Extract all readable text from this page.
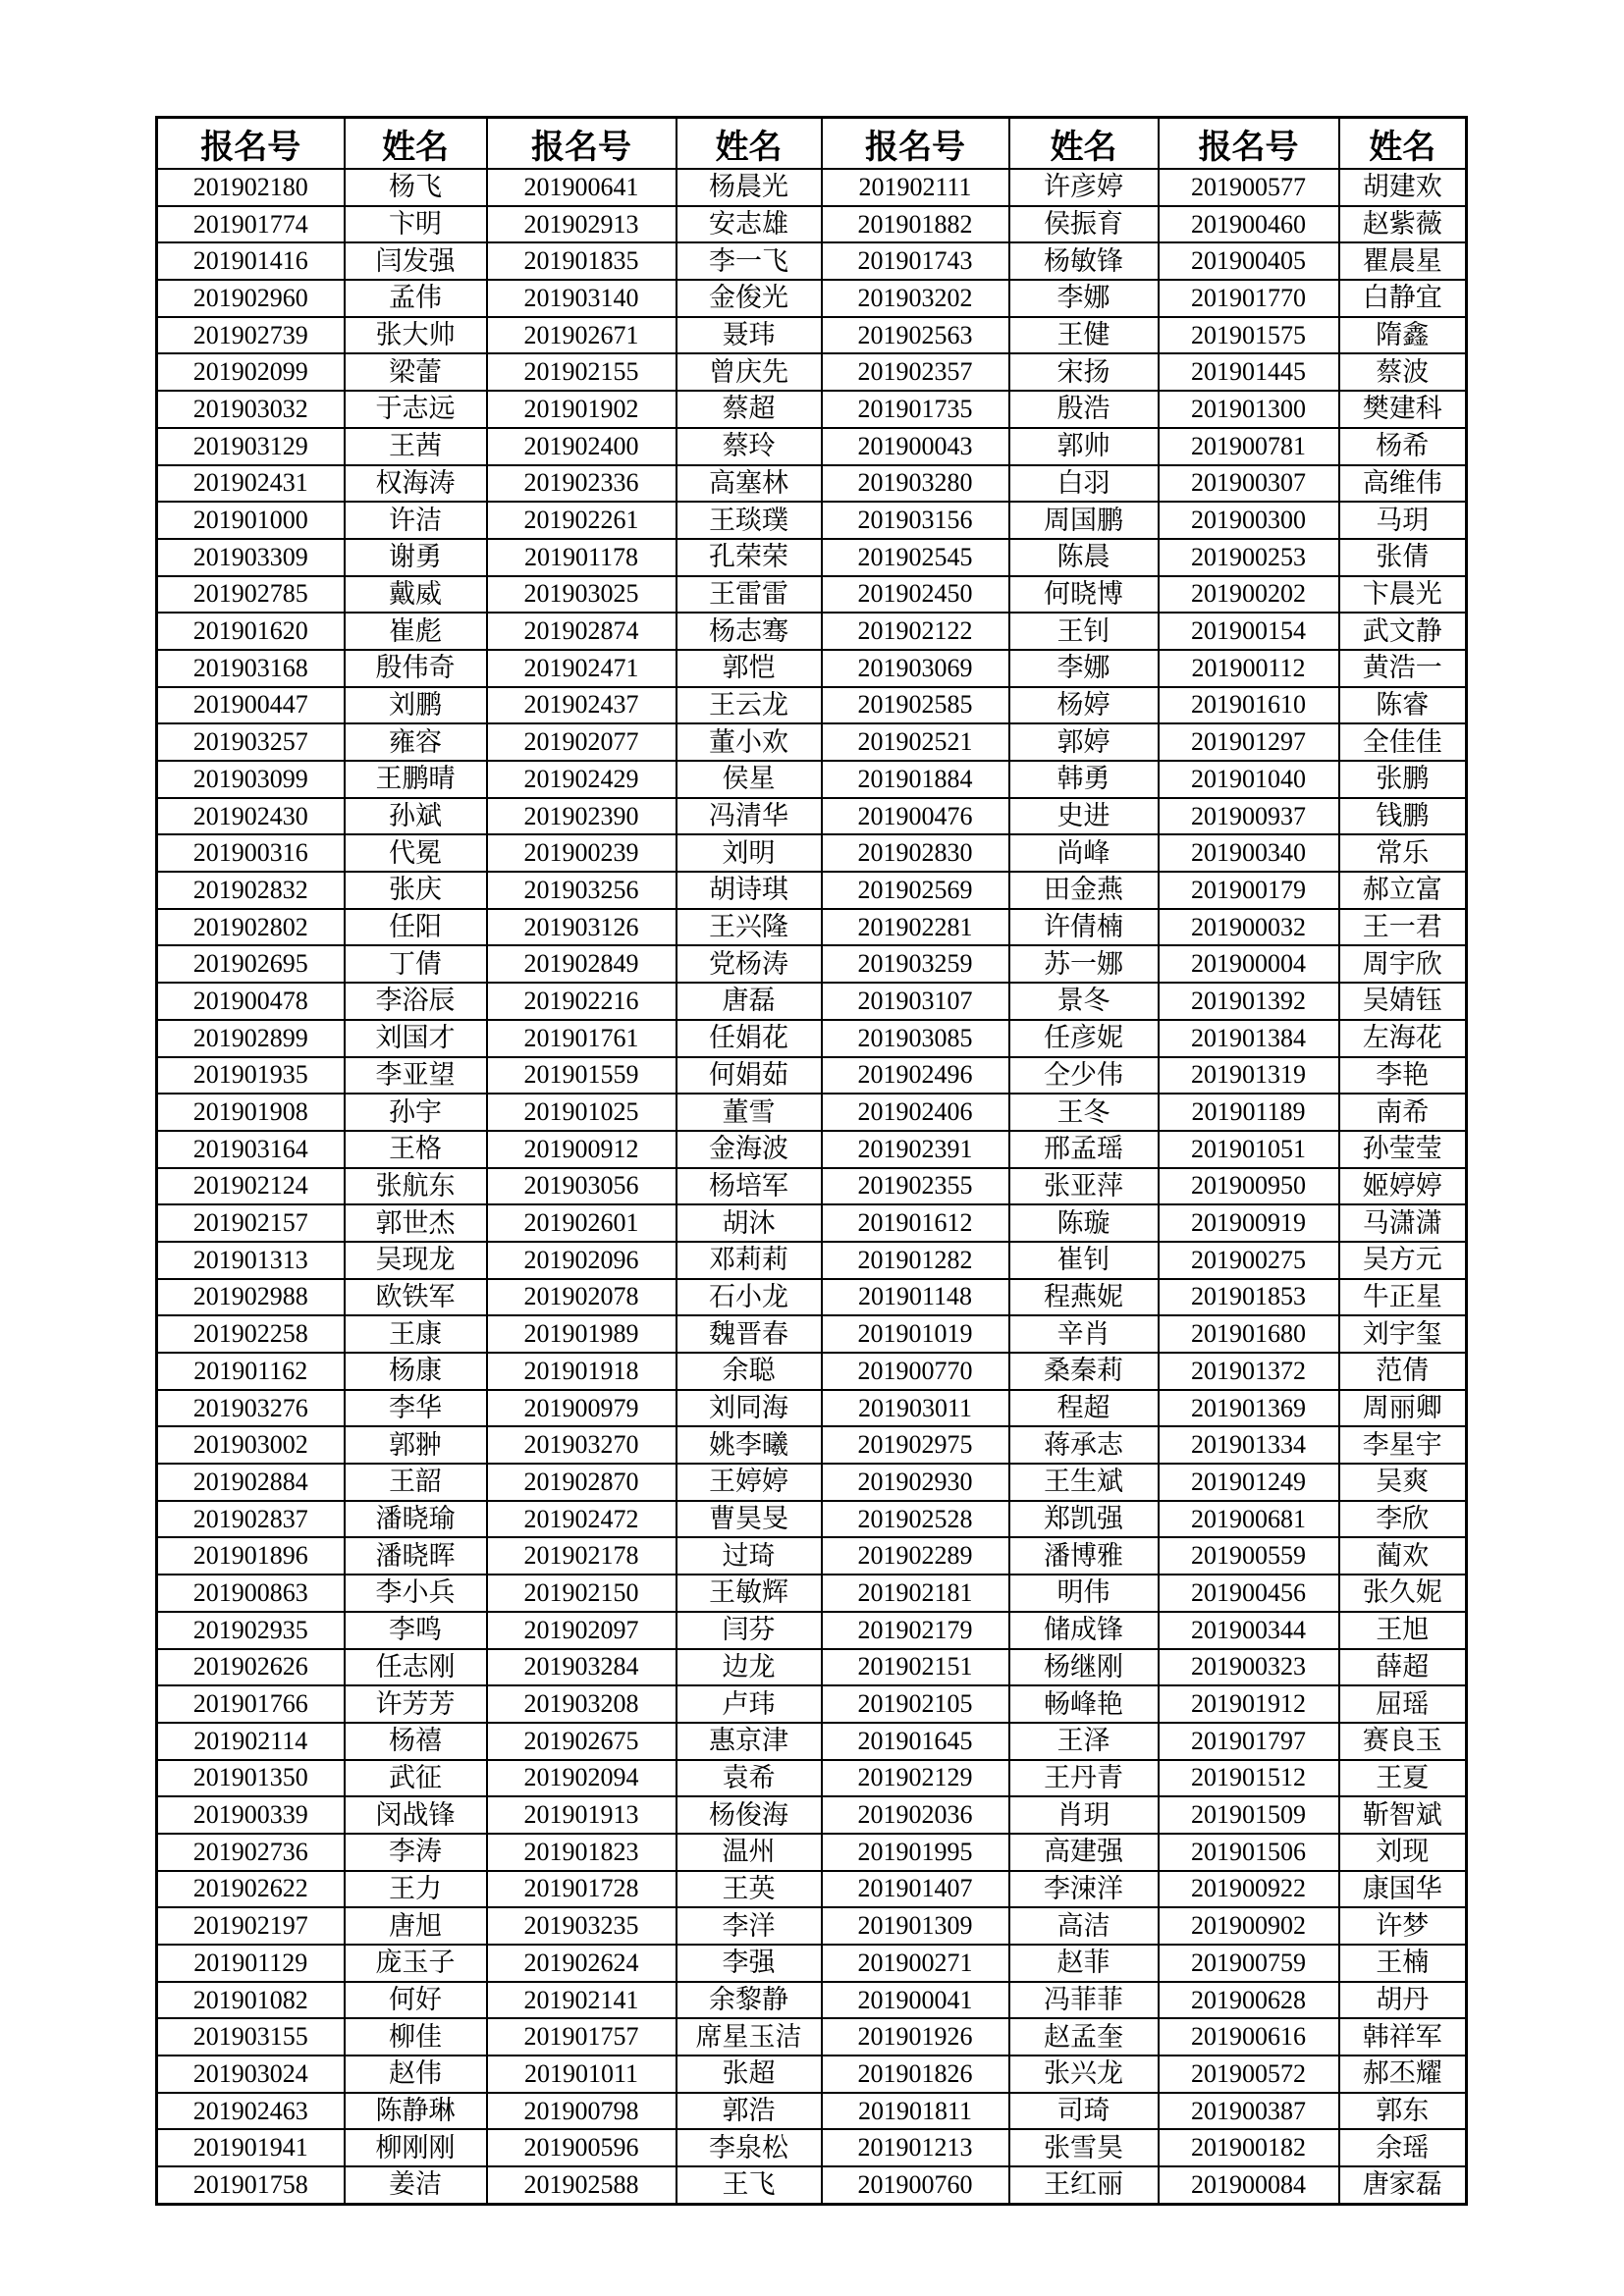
报名号	姓名	报名号	姓名	报名号	姓名	报名号	姓名
201902180	杨飞	201900641	杨晨光	201902111	许彦婷	201900577	胡建欢
201901774	卞明	201902913	安志雄	201901882	侯振育	201900460	赵紫薇
201901416	闫发强	201901835	李一飞	201901743	杨敏锋	201900405	瞿晨星
201902960	孟伟	201903140	金俊光	201903202	李娜	201901770	白静宜
201902739	张大帅	201902671	聂玮	201902563	王健	201901575	隋鑫
201902099	梁蕾	201902155	曾庆先	201902357	宋扬	201901445	蔡波
201903032	于志远	201901902	蔡超	201901735	殷浩	201901300	樊建科
201903129	王茜	201902400	蔡玲	201900043	郭帅	201900781	杨希
201902431	权海涛	201902336	高塞林	201903280	白羽	201900307	高维伟
201901000	许洁	201902261	王琰璞	201903156	周国鹏	201900300	马玥
201903309	谢勇	201901178	孔荣荣	201902545	陈晨	201900253	张倩
201902785	戴威	201903025	王雷雷	201902450	何晓博	201900202	卞晨光
201901620	崔彪	201902874	杨志骞	201902122	王钊	201900154	武文静
201903168	殷伟奇	201902471	郭恺	201903069	李娜	201900112	黄浩一
201900447	刘鹏	201902437	王云龙	201902585	杨婷	201901610	陈睿
201903257	雍容	201902077	董小欢	201902521	郭婷	201901297	全佳佳
201903099	王鹏晴	201902429	侯星	201901884	韩勇	201901040	张鹏
201902430	孙斌	201902390	冯清华	201900476	史进	201900937	钱鹏
201900316	代冕	201900239	刘明	201902830	尚峰	201900340	常乐
201902832	张庆	201903256	胡诗琪	201902569	田金燕	201900179	郝立富
201902802	任阳	201903126	王兴隆	201902281	许倩楠	201900032	王一君
201902695	丁倩	201902849	党杨涛	201903259	苏一娜	201900004	周宇欣
201900478	李浴辰	201902216	唐磊	201903107	景冬	201901392	吴婧钰
201902899	刘国才	201901761	任娟花	201903085	任彦妮	201901384	左海花
201901935	李亚望	201901559	何娟茹	201902496	仝少伟	201901319	李艳
201901908	孙宇	201901025	董雪	201902406	王冬	201901189	南希
201903164	王格	201900912	金海波	201902391	邢孟瑶	201901051	孙莹莹
201902124	张航东	201903056	杨培军	201902355	张亚萍	201900950	姬婷婷
201902157	郭世杰	201902601	胡沐	201901612	陈璇	201900919	马潇潇
201901313	吴现龙	201902096	邓莉莉	201901282	崔钊	201900275	吴方元
201902988	欧铁军	201902078	石小龙	201901148	程燕妮	201901853	牛正星
201902258	王康	201901989	魏晋春	201901019	辛肖	201901680	刘宇玺
201901162	杨康	201901918	余聪	201900770	桑秦莉	201901372	范倩
201903276	李华	201900979	刘同海	201903011	程超	201901369	周丽卿
201903002	郭翀	201903270	姚李曦	201902975	蒋承志	201901334	李星宇
201902884	王韶	201902870	王婷婷	201902930	王生斌	201901249	吴爽
201902837	潘晓瑜	201902472	曹昊旻	201902528	郑凯强	201900681	李欣
201901896	潘晓晖	201902178	过琦	201902289	潘博雅	201900559	蔺欢
201900863	李小兵	201902150	王敏辉	201902181	明伟	201900456	张久妮
201902935	李鸣	201902097	闫芬	201902179	储成锋	201900344	王旭
201902626	任志刚	201903284	边龙	201902151	杨继刚	201900323	薛超
201901766	许芳芳	201903208	卢玮	201902105	畅峰艳	201901912	屈瑶
201902114	杨禧	201902675	惠京津	201901645	王泽	201901797	赛良玉
201901350	武征	201902094	袁希	201902129	王丹青	201901512	王夏
201900339	闵战锋	201901913	杨俊海	201902036	肖玥	201901509	靳智斌
201902736	李涛	201901823	温州	201901995	高建强	201901506	刘现
201902622	王力	201901728	王英	201901407	李涑洋	201900922	康国华
201902197	唐旭	201903235	李洋	201901309	高洁	201900902	许梦
201901129	庞玉子	201902624	李强	201900271	赵菲	201900759	王楠
201901082	何好	201902141	余黎静	201900041	冯菲菲	201900628	胡丹
201903155	柳佳	201901757	席星玉洁	201901926	赵孟奎	201900616	韩祥军
201903024	赵伟	201901011	张超	201901826	张兴龙	201900572	郝丕耀
201902463	陈静琳	201900798	郭浩	201901811	司琦	201900387	郭东
201901941	柳刚刚	201900596	李泉松	201901213	张雪昊	201900182	余瑶
201901758	姜洁	201902588	王飞	201900760	王红丽	201900084	唐家磊
